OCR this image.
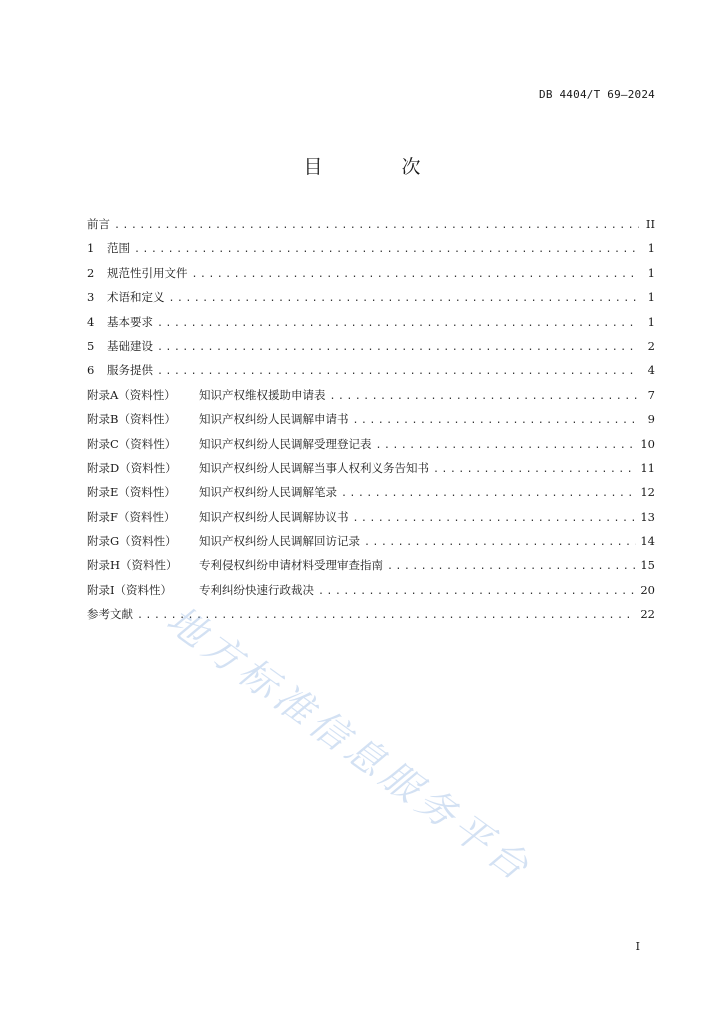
DB 4404/T 69—2024
目　次
前言 .....	II
1	范围 .....	1
2	规范性引用文件 .....	1
3	术语和定义 .....	1
4	基本要求 .....	1
5	基础建设 .....	2
6	服务提供 .....	4
附录A（资料性）	知识产权维权援助申请表 .....	7
附录B（资料性）	知识产权纠纷人民调解申请书 .....	9
附录C（资料性）	知识产权纠纷人民调解受理登记表 .....	10
附录D（资料性）	知识产权纠纷人民调解当事人权利义务告知书 .....	11
附录E（资料性）	知识产权纠纷人民调解笔录 .....	12
附录F（资料性）	知识产权纠纷人民调解协议书 .....	13
附录G（资料性）	知识产权纠纷人民调解回访记录 .....	14
附录H（资料性）	专利侵权纠纷申请材料受理审查指南 .....	15
附录I（资料性）	专利纠纷快速行政裁决 .....	20
参考文献 .....	22
地方标准信息服务平台
I
